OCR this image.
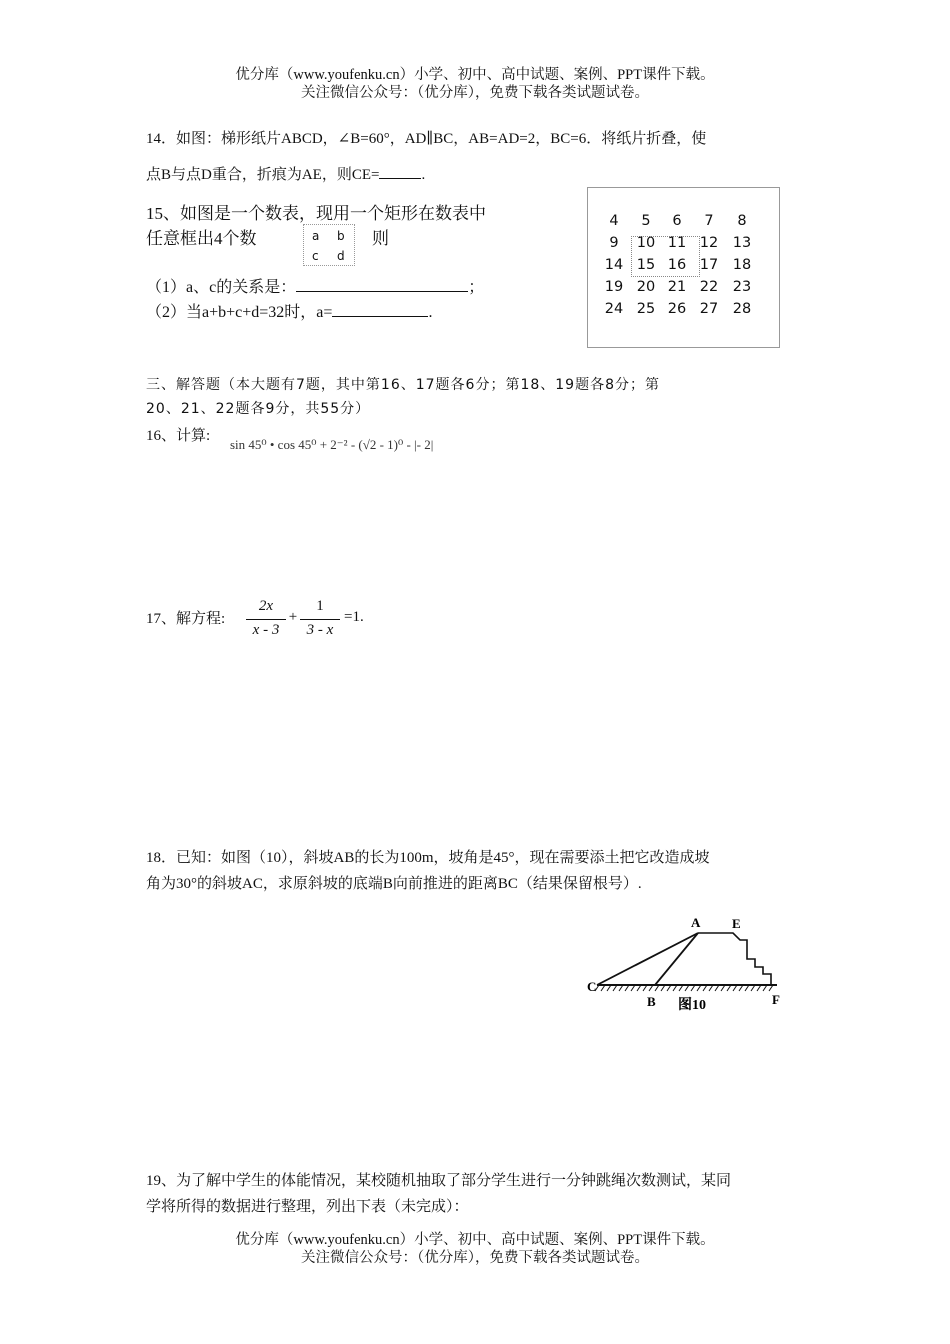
优分库（www.youfenku.cn）小学、初中、高中试题、案例、PPT课件下载。
关注微信公众号：（优分库），免费下载各类试题试卷。
14．如图：梯形纸片ABCD，∠B=60°，AD∥BC，AB=AD=2，BC=6．将纸片折叠，使
点B与点D重合，折痕为AE，则CE=	.
15、如图是一个数表，现用一个矩形在数表中
任意框出4个数	a b
c d
则
（1）a、c的关系是：	；
（2）当a+b+c+d=32时，a=	.
4	5	6	7	8
9	10 11 12	13
14 15 16 17	18
19 20 21 22	23
24 25 26 27	28
三、解答题（本大题有7题，其中第16、17题各6分；第18、19题各8分；第
20、21、22题各9分，共55分）
16、计算:
sin 45⁰ • cos 45⁰ + 2⁻² - (√2 - 1)⁰ - |- 2|
17、解方程:
2x
x - 3
+
1
3 - x
=1.
18．已知：如图（10），斜坡AB的长为100m，坡角是45°，现在需要添土把它改造成坡
角为30°的斜坡AC，求原斜坡的底端B向前推进的距离BC（结果保留根号）.
A E
C
B	F
图10
19、为了解中学生的体能情况，某校随机抽取了部分学生进行一分钟跳绳次数测试，某同
学将所得的数据进行整理，列出下表（未完成）：
优分库（www.youfenku.cn）小学、初中、高中试题、案例、PPT课件下载。
关注微信公众号：（优分库），免费下载各类试题试卷。
